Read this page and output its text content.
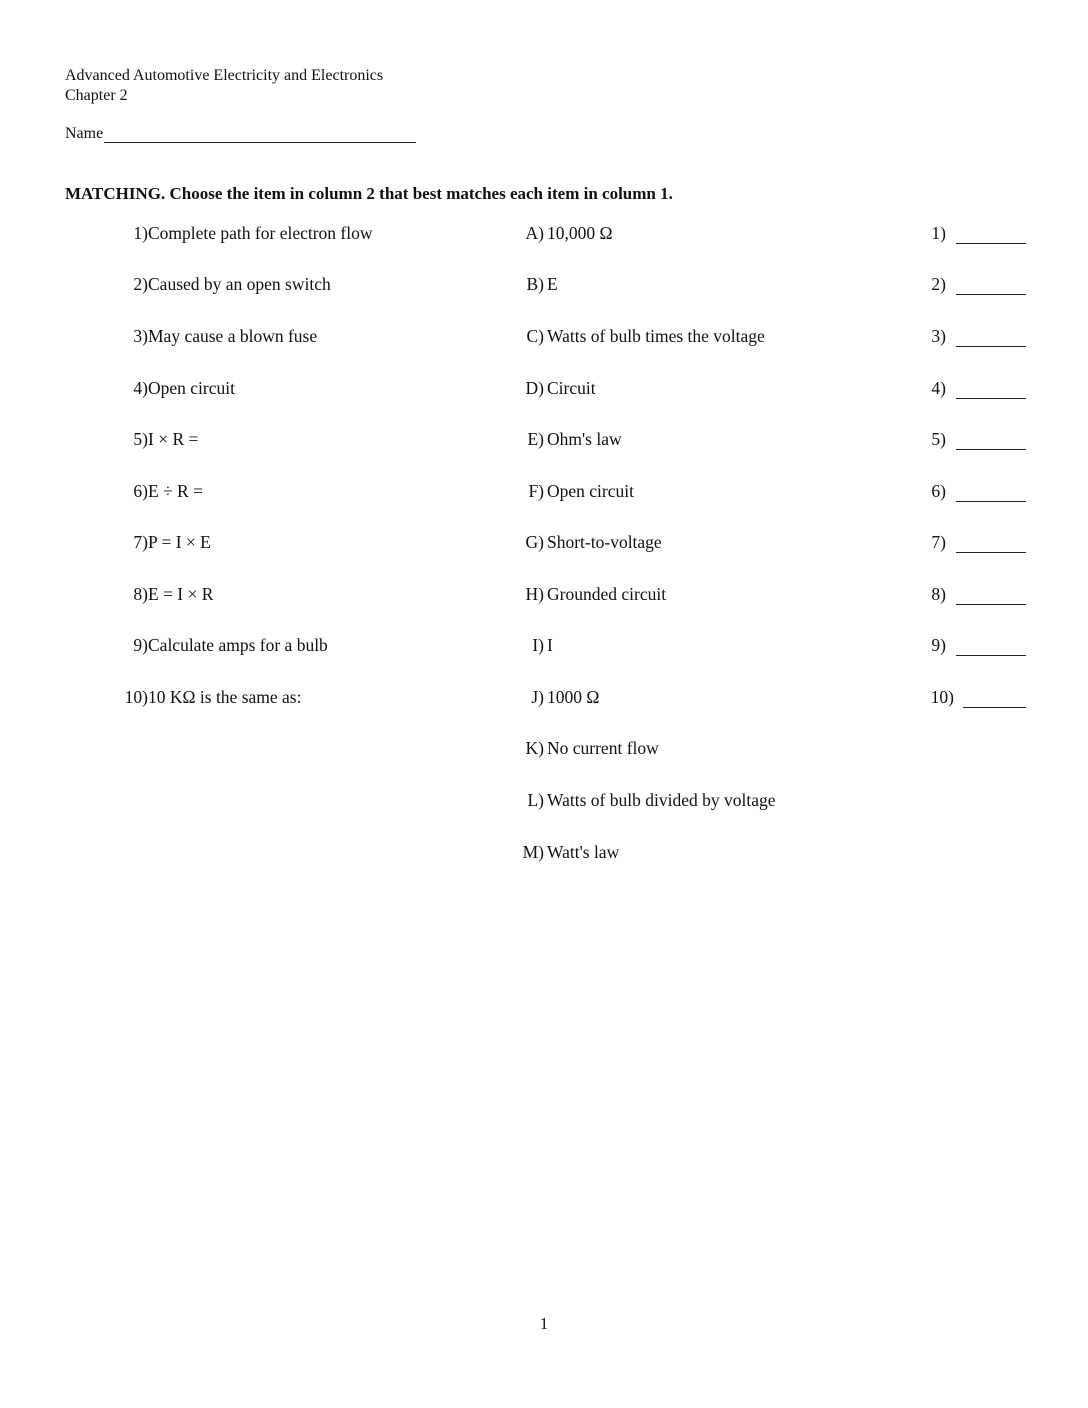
Advanced Automotive Electricity and Electronics
Chapter 2
Name
MATCHING. Choose the item in column 2 that best matches each item in column 1.
1) Complete path for electron flow	A) 10,000 Ω	1)
2) Caused by an open switch	B) E	2)
3) May cause a blown fuse	C) Watts of bulb times the voltage	3)
4) Open circuit	D) Circuit	4)
5) I × R =	E) Ohm's law	5)
6) E ÷ R =	F) Open circuit	6)
7) P = I × E	G) Short-to-voltage	7)
8) E = I × R	H) Grounded circuit	8)
9) Calculate amps for a bulb	I) I	9)
10) 10 KΩ is the same as:	J) 1000 Ω	10)
K) No current flow
L) Watts of bulb divided by voltage
M) Watt's law
1
